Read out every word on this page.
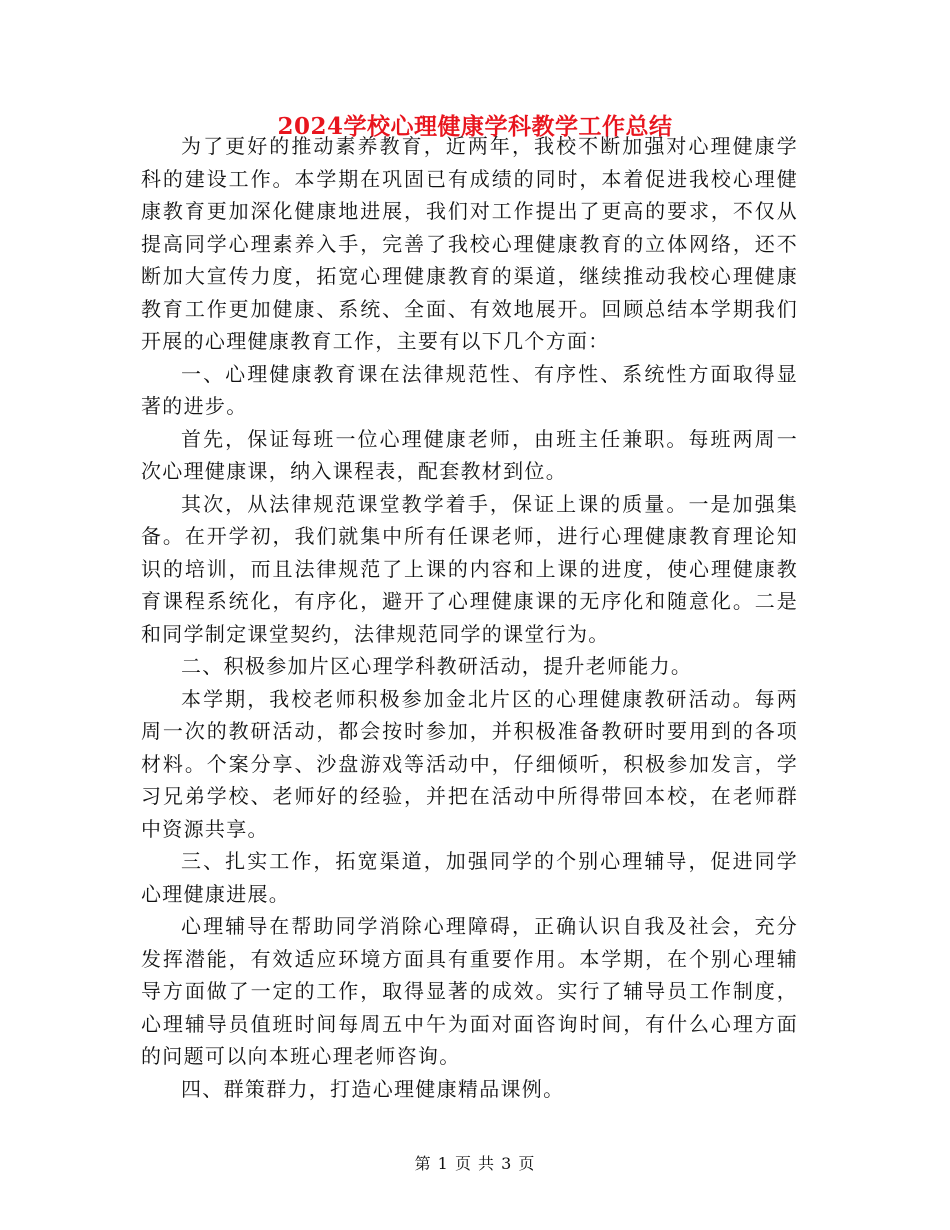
2024学校心理健康学科教学工作总结

为了更好的推动素养教育，近两年，我校不断加强对心理健康学科的建设工作。本学期在巩固已有成绩的同时，本着促进我校心理健康教育更加深化健康地进展，我们对工作提出了更高的要求，不仅从提高同学心理素养入手，完善了我校心理健康教育的立体网络，还不断加大宣传力度，拓宽心理健康教育的渠道，继续推动我校心理健康教育工作更加健康、系统、全面、有效地展开。回顾总结本学期我们开展的心理健康教育工作，主要有以下几个方面：

一、心理健康教育课在法律规范性、有序性、系统性方面取得显著的进步。

首先，保证每班一位心理健康老师，由班主任兼职。每班两周一次心理健康课，纳入课程表，配套教材到位。

其次，从法律规范课堂教学着手，保证上课的质量。一是加强集备。在开学初，我们就集中所有任课老师，进行心理健康教育理论知识的培训，而且法律规范了上课的内容和上课的进度，使心理健康教育课程系统化，有序化，避开了心理健康课的无序化和随意化。二是和同学制定课堂契约，法律规范同学的课堂行为。

二、积极参加片区心理学科教研活动，提升老师能力。

本学期，我校老师积极参加金北片区的心理健康教研活动。每两周一次的教研活动，都会按时参加，并积极准备教研时要用到的各项材料。个案分享、沙盘游戏等活动中，仔细倾听，积极参加发言，学习兄弟学校、老师好的经验，并把在活动中所得带回本校，在老师群中资源共享。

三、扎实工作，拓宽渠道，加强同学的个别心理辅导，促进同学心理健康进展。

心理辅导在帮助同学消除心理障碍，正确认识自我及社会，充分发挥潜能，有效适应环境方面具有重要作用。本学期，在个别心理辅导方面做了一定的工作，取得显著的成效。实行了辅导员工作制度，心理辅导员值班时间每周五中午为面对面咨询时间，有什么心理方面的问题可以向本班心理老师咨询。

四、群策群力，打造心理健康精品课例。

第 1 页 共 3 页
